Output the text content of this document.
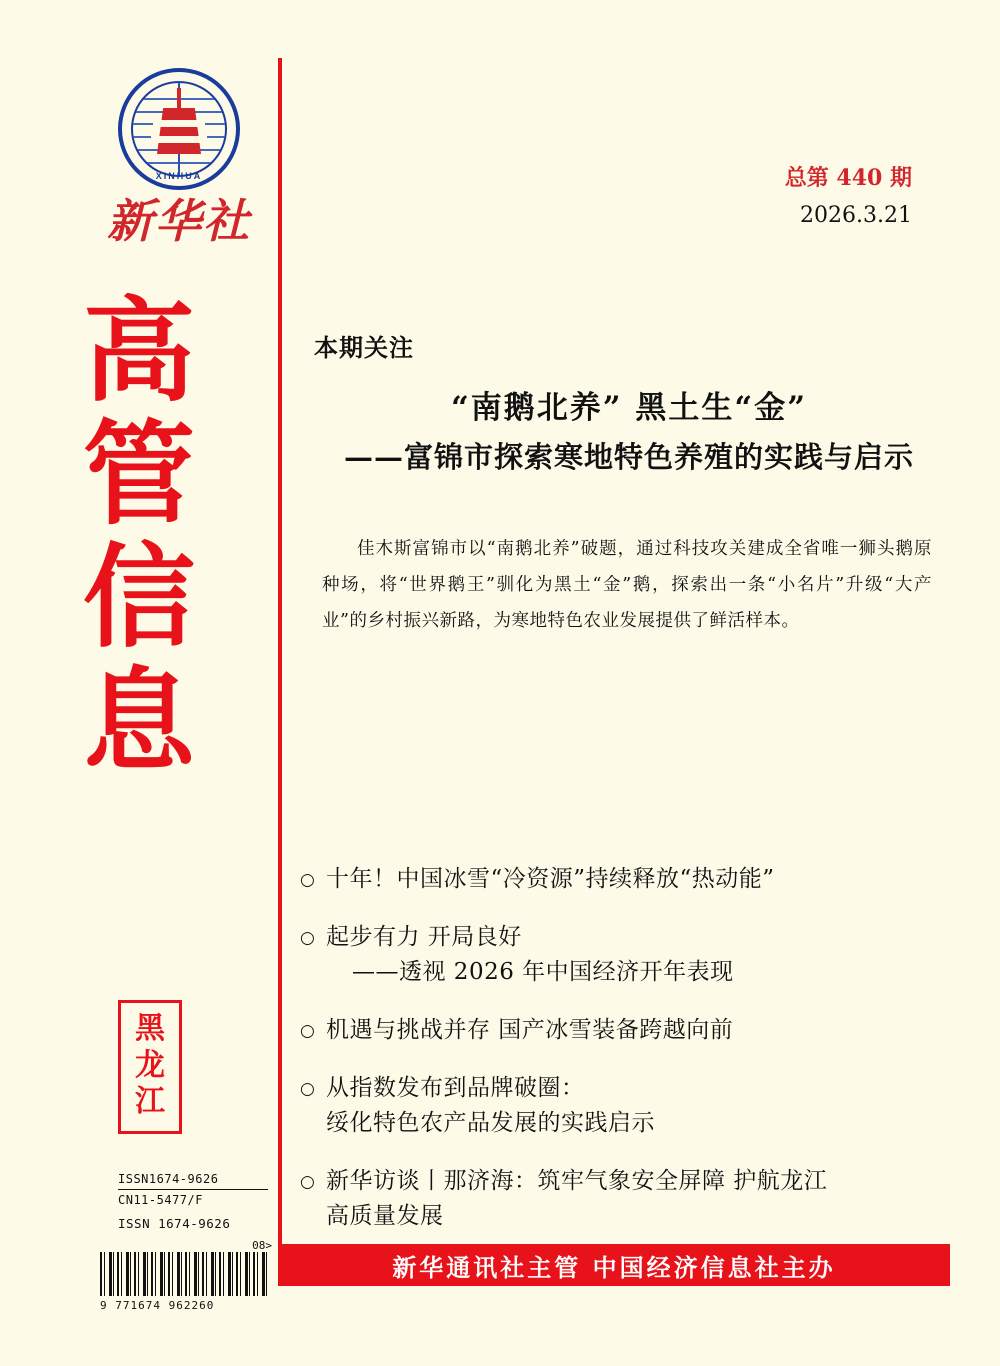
XINHUA
新华社
高
管
信
息
黑
龙
江
ISSN1674-9626
CN11-5477/F
ISSN 1674-9626
08>
9 771674 962260
总第 440 期
2026.3.21
本期关注
“南鹅北养” 黑土生“金”
——富锦市探索寒地特色养殖的实践与启示
佳木斯富锦市以“南鹅北养”破题，通过科技攻关建成全省唯一狮头鹅原种场，将“世界鹅王”驯化为黑土“金”鹅，探索出一条“小名片”升级“大产业”的乡村振兴新路，为寒地特色农业发展提供了鲜活样本。
○ 十年！中国冰雪“冷资源”持续释放“热动能”
○ 起步有力 开局良好
——透视 2026 年中国经济开年表现
○ 机遇与挑战并存 国产冰雪装备跨越向前
○ 从指数发布到品牌破圈：
绥化特色农产品发展的实践启示
○ 新华访谈丨那济海：筑牢气象安全屏障 护航龙江
高质量发展
新华通讯社主管 中国经济信息社主办
